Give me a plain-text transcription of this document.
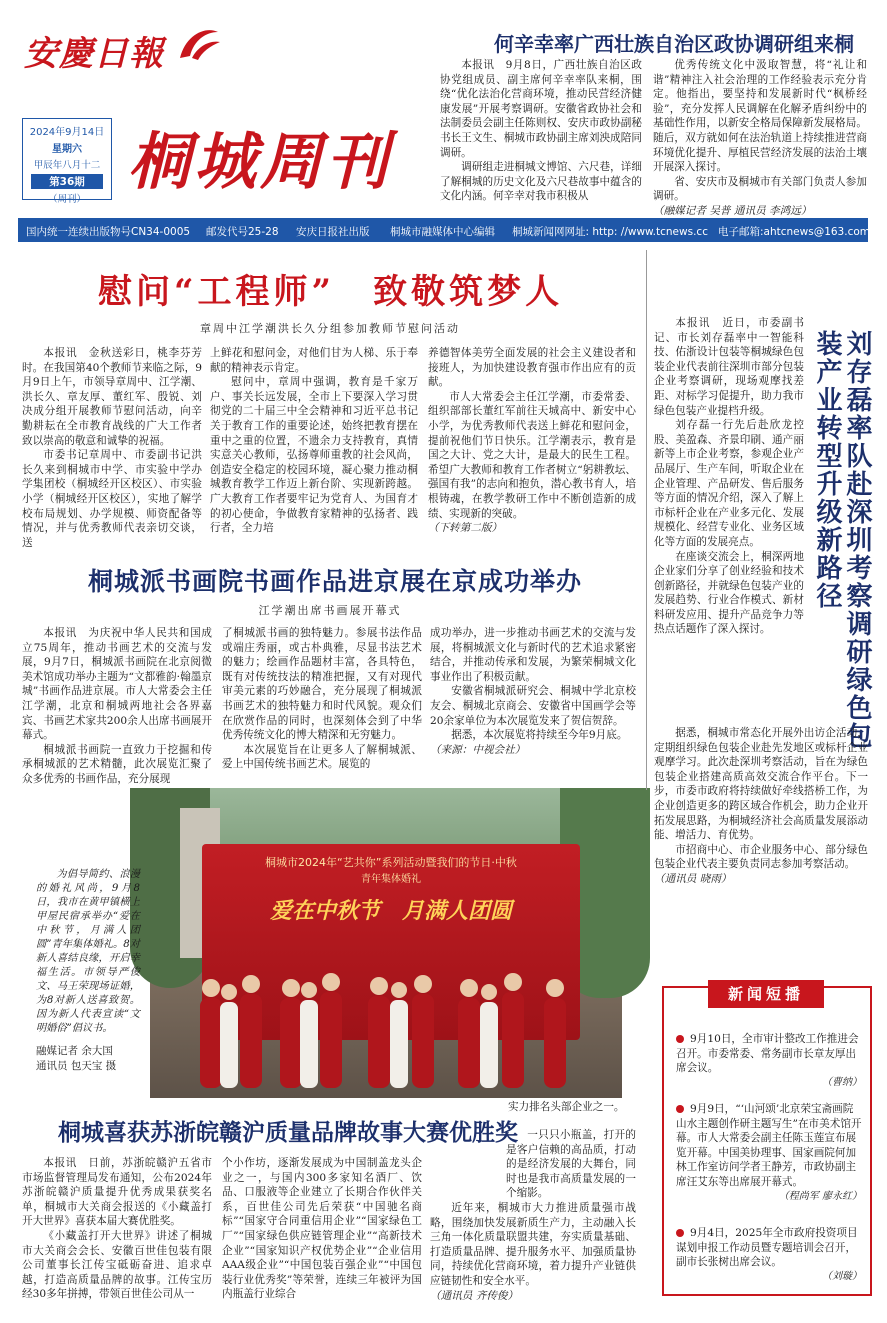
安慶日報
2024年9月14日
星期六
甲辰年八月十二
第36期
（周刊）
桐城周刊
何辛幸率广西壮族自治区政协调研组来桐

本报讯　9月8日，广西壮族自治区政协党组成员、副主席何辛幸率队来桐，围绕“优化法治化营商环境，推动民营经济健康发展”开展考察调研。安徽省政协社会和法制委员会副主任陈则权、安庆市政协副秘书长王文生、桐城市政协副主席刘泱成陪同调研。

调研组走进桐城文博馆、六尺巷，详细了解桐城的历史文化及六尺巷故事中蕴含的文化内涵。何辛幸对我市积极从

优秀传统文化中汲取智慧，将“礼让和谐”精神注入社会治理的工作经验表示充分肯定。他指出，要坚持和发展新时代“枫桥经验”，充分发挥人民调解在化解矛盾纠纷中的基础性作用，以新安全格局保障新发展格局。随后，双方就如何在法治轨道上持续推进营商环境优化提升、厚植民营经济发展的法治土壤开展深入探讨。

省、安庆市及桐城市有关部门负责人参加调研。

（融媒记者 吴普 通讯员 李鸿远）

国内统一连续出版物号CN34-0005 邮发代号25-28 安庆日报社出版 桐城市融媒体中心编辑 桐城新闻网网址: http: //www.tcnews.cc 电子邮箱:ahtcnews@163.com
慰问“工程师”　致敬筑梦人
章周中江学潮洪长久分组参加教师节慰问活动

本报讯　金秋送彩日，桃李芬芳时。在我国第40个教师节来临之际，9月9日上午，市领导章周中、江学潮、洪长久、章友厚、董红军、殷锐、刘决成分组开展教师节慰问活动，向辛勤耕耘在全市教育战线的广大工作者致以崇高的敬意和诚挚的祝福。

市委书记章周中、市委副书记洪长久来到桐城市中学、市实验中学办学集团校（桐城经开区校区）、市实验小学（桐城经开区校区），实地了解学校布局规划、办学规模、师资配备等情况，并与优秀教师代表亲切交谈，送

上鲜花和慰问金，对他们甘为人梯、乐于奉献的精神表示肯定。

慰问中，章周中强调，教育是千家万户、事关长远发展，全市上下要深入学习贯彻党的二十届三中全会精神和习近平总书记关于教育工作的重要论述，始终把教育摆在重中之重的位置，不遗余力支持教育，真情实意关心教师，弘扬尊师重教的社会风尚，创造安全稳定的校园环境，凝心聚力推动桐城教育教学工作迈上新台阶、实现新跨越。广大教育工作者要牢记为党育人、为国育才的初心使命，争做教育家精神的弘扬者、践行者，全力培

养德智体美劳全面发展的社会主义建设者和接班人，为加快建设教育强市作出应有的贡献。

市人大常委会主任江学潮，市委常委、组织部部长董红军前往天城高中、新安中心小学，为优秀教师代表送上鲜花和慰问金，提前祝他们节日快乐。江学潮表示，教育是国之大计、党之大计，是最大的民生工程。希望广大教师和教育工作者树立“躬耕教坛、强国有我”的志向和抱负，潜心教书育人，培根铸魂，在教学教研工作中不断创造新的成绩、实现新的突破。

（下转第二版）

桐城派书画院书画作品进京展在京成功举办
江学潮出席书画展开幕式

本报讯　为庆祝中华人民共和国成立75周年，推动书画艺术的交流与发展，9月7日，桐城派书画院在北京阅微美术馆成功举办主题为“文都雅韵·翰墨京城”书画作品进京展。市人大常委会主任江学潮，北京和桐城两地社会各界嘉宾、书画艺术家共200余人出席书画展开幕式。

桐城派书画院一直致力于挖掘和传承桐城派的艺术精髓，此次展览汇聚了众多优秀的书画作品，充分展现

了桐城派书画的独特魅力。参展书法作品或端庄秀丽，或古朴典雅，尽显书法艺术的魅力；绘画作品题材丰富，各具特色，既有对传统技法的精准把握，又有对现代审美元素的巧妙融合，充分展现了桐城派书画艺术的独特魅力和时代风貌。观众们在欣赏作品的同时，也深刻体会到了中华优秀传统文化的博大精深和无穷魅力。

本次展览旨在让更多人了解桐城派、爱上中国传统书画艺术。展览的

成功举办，进一步推动书画艺术的交流与发展，将桐城派文化与新时代的艺术追求紧密结合，并推动传承和发展，为繁荣桐城文化事业作出了积极贡献。

安徽省桐城派研究会、桐城中学北京校友会、桐城北京商会、安徽省中国画学会等20余家单位为本次展览发来了贺信贺辞。

据悉，本次展览将持续至今年9月底。

（来源：中视会社）

桐城市2024年“艺共你”系列活动暨我们的节日·中秋
青年集体婚礼
爱在中秋节　月满人团圆

为倡导简约、浪漫的婚礼风尚，9月8日，我市在黄甲镇横上甲屋民宿承举办“爱在中秋节，月满人团圆”青年集体婚礼。8对新人喜结良缘，开启幸福生活。市领导严俊文、马王荣现场证婚，为8对新人送喜致贺。因为新人代表宣读“文明婚俗”倡议书。

融媒记者 余大国

通讯员 包天宝 摄

桐城喜获苏浙皖赣沪质量品牌故事大赛优胜奖

实力排名头部企业之一。

本报讯　日前，苏浙皖赣沪五省市市场监督管理局发布通知，公布2024年苏浙皖赣沪质量提升优秀成果获奖名单，桐城市大关商会报送的《小藏盖打开大世界》喜获本届大赛优胜奖。

《小藏盖打开大世界》讲述了桐城市大关商会会长、安徽百世佳包装有限公司董事长江传宝砥砺奋进、追求卓越，打造高质量品牌的故事。江传宝历经30多年拼搏，带领百世佳公司从一

个小作坊，逐渐发展成为中国制盖龙头企业之一，与国内300多家知名酒厂、饮品、口服液等企业建立了长期合作伙伴关系，百世佳公司先后荣获“中国驰名商标”“国家守合同重信用企业”“国家绿色工厂”“国家绿色供应链管理企业”“高新技术企业”“国家知识产权优势企业”“企业信用AAA级企业”“中国包装百强企业”“中国包装行业优秀奖”等荣誉，连续三年被评为国内瓶盖行业综合

一只只小瓶盖，打开的是客户信赖的高品质，打动的是经济发展的大舞台，同时也是我市高质量发展的一个缩影。

近年来，桐城市大力推进质量强市战略，围绕加快发展新质生产力，主动融入长三角一体化质量联盟共建，夯实质量基础、打造质量品牌、提升服务水平、加强质量协同，持续优化营商环境，着力提升产业链供应链韧性和安全水平。

（通讯员 齐传俊）

本报讯　近日，市委副书记、市长刘存磊率中一智能科技、佑浙设计包装等桐城绿色包装企业代表前往深圳市部分包装企业考察调研，现场观摩找差距、对标学习促提升，助力我市绿色包装产业提档升级。

刘存磊一行先后赴欣龙控股、美盈森、齐景印刷、通产丽新等上市企业考察，参观企业产品展厅、生产车间，听取企业在企业管理、产品研发、售后服务等方面的情况介绍，深入了解上市标杆企业在产业多元化、发展规模化、经营专业化、业务区域化等方面的发展亮点。

在座谈交流会上，桐深两地企业家们分享了创业经验和技术创新路径，并就绿色包装产业的发展趋势、行业合作模式、新材料研发应用、提升产品竞争力等热点话题作了深入探讨。	刘存磊率队赴深圳考察调研绿色包装产业转型升级新路径

据悉，桐城市常态化开展外出访企活动，定期组织绿色包装企业赴先发地区或标杆企业观摩学习。此次赴深圳考察活动，旨在为绿色包装企业搭建高质高效交流合作平台。下一步，市委市政府将持续做好牵线搭桥工作，为企业创造更多的跨区域合作机会，助力企业开拓发展思路，为桐城经济社会高质量发展添动能、增活力、育优势。

市招商中心、市企业服务中心、部分绿色包装企业代表主要负责同志参加考察活动。

（通讯员 晓雨）

新闻短播
9月10日，全市审计整改工作推进会召开。市委常委、常务副市长章友厚出席会议。
（曹纳）
9月9日，“‘山河颂’北京荣宝斋画院山水主题创作研主题写生”在市美术馆开幕。市人大常委会副主任陈玉莲宣布展览开幕。中国美协理事、国家画院何加林工作室访问学者王静芳，市政协副主席汪艾东等出席展开幕式。
（程尚军 廖永红）
9月4日，2025年全市政府投资项目谋划申报工作动员暨专题培训会召开，副市长张树出席会议。
（刘璇）
